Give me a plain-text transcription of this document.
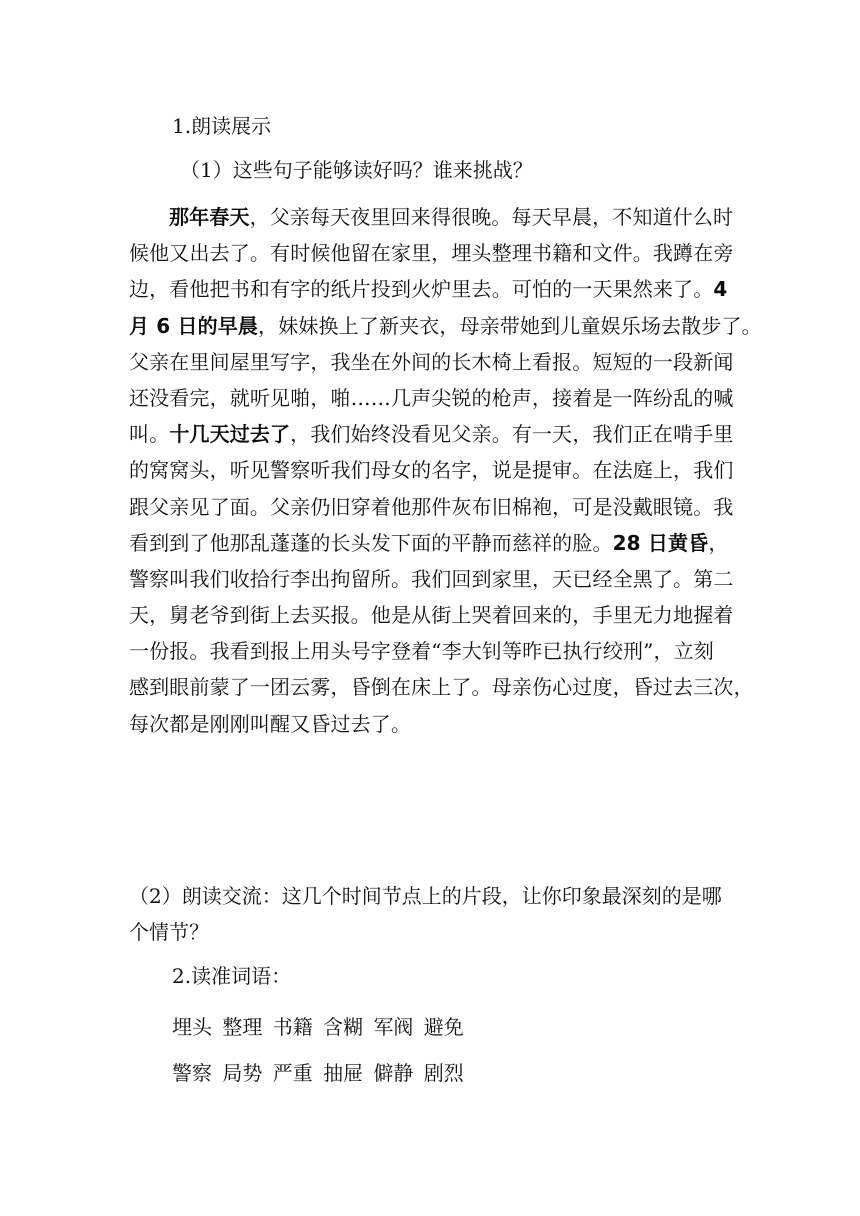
1.朗读展示
（1）这些句子能够读好吗？谁来挑战？
那年春天，父亲每天夜里回来得很晚。每天早晨，不知道什么时
候他又出去了。有时候他留在家里，埋头整理书籍和文件。我蹲在旁
边，看他把书和有字的纸片投到火炉里去。可怕的一天果然来了。4
月 6 日的早晨，妹妹换上了新夹衣，母亲带她到儿童娱乐场去散步了。
父亲在里间屋里写字，我坐在外间的长木椅上看报。短短的一段新闻
还没看完，就听见啪，啪……几声尖锐的枪声，接着是一阵纷乱的喊
叫。十几天过去了，我们始终没看见父亲。有一天，我们正在啃手里
的窝窝头，听见警察听我们母女的名字，说是提审。在法庭上，我们
跟父亲见了面。父亲仍旧穿着他那件灰布旧棉袍，可是没戴眼镜。我
看到到了他那乱蓬蓬的长头发下面的平静而慈祥的脸。28 日黄昏，
警察叫我们收拾行李出拘留所。我们回到家里，天已经全黑了。第二
天，舅老爷到街上去买报。他是从街上哭着回来的，手里无力地握着
一份报。我看到报上用头号字登着“李大钊等昨已执行绞刑”，立刻
感到眼前蒙了一团云雾，昏倒在床上了。母亲伤心过度，昏过去三次，
每次都是刚刚叫醒又昏过去了。
（2）朗读交流：这几个时间节点上的片段，让你印象最深刻的是哪
个情节？
2.读准词语：
埋头 整理 书籍 含糊 军阀 避免
警察 局势 严重 抽屉 僻静 剧烈
